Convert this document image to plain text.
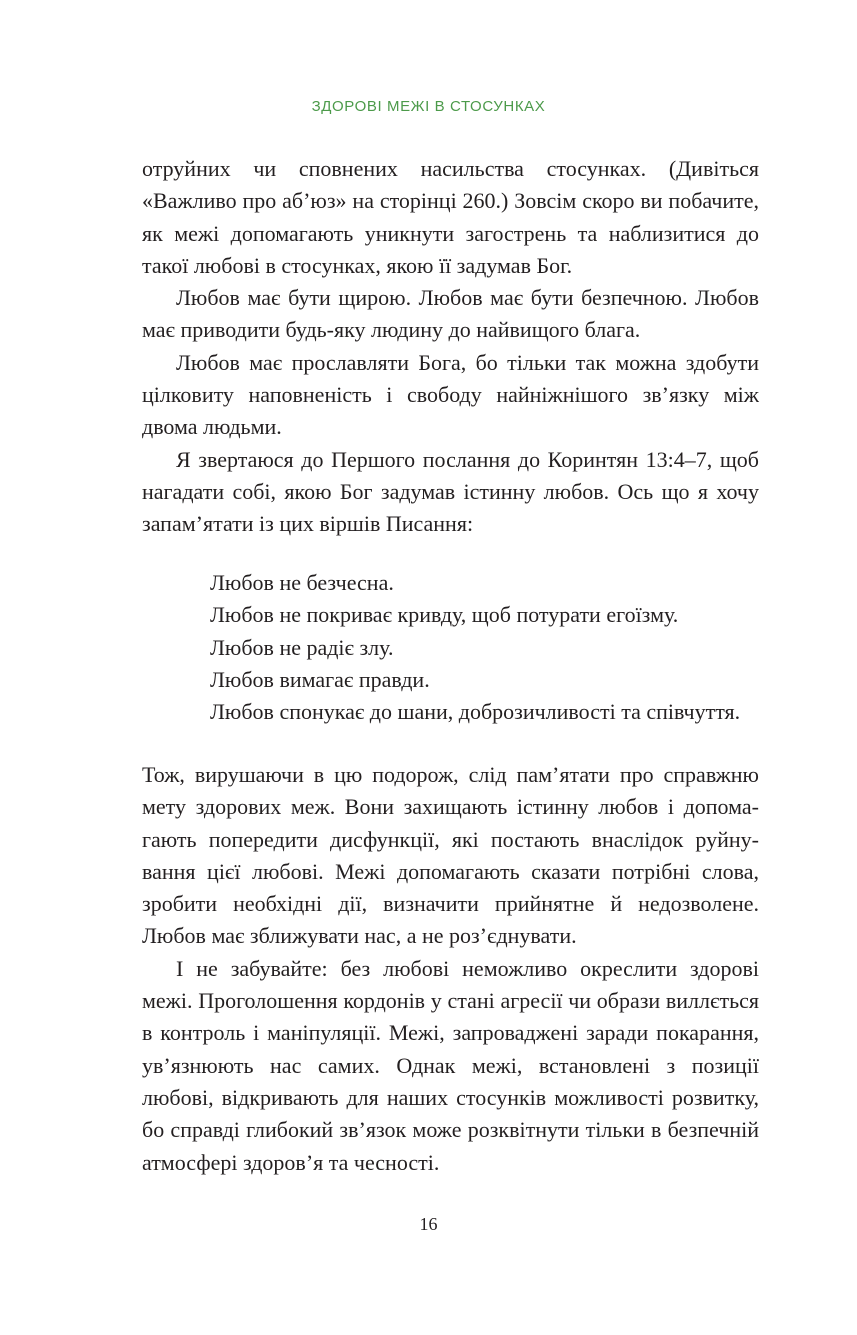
ЗДОРОВІ МЕЖІ В СТОСУНКАХ

отруйних чи сповнених насильства стосунках. (Дивіться «Важливо про аб’юз» на сторінці 260.) Зовсім скоро ви побачите, як межі допомагають уникнути загострень та наблизитися до такої любові в стосунках, якою її задумав Бог.

Любов має бути щирою. Любов має бути безпечною. Любов має приводити будь-яку людину до найвищого блага.

Любов має прославляти Бога, бо тільки так можна здобути цілковиту наповненість і свободу найніжнішого зв’язку між двома людьми.

Я звертаюся до Першого послання до Коринтян 13:4–7, щоб нагадати собі, якою Бог задумав істинну любов. Ось що я хочу запам’ятати із цих віршів Писання:

Любов не безчесна.

Любов не покриває кривду, щоб потурати егоїзму.

Любов не радіє злу.

Любов вимагає правди.

Любов спонукає до шани, доброзичливості та співчуття.

Тож, вирушаючи в цю подорож, слід пам’ятати про справжню мету здорових меж. Вони захищають істинну любов і допомагають попередити дисфункції, які постають внаслідок руйнування цієї любові. Межі допомагають сказати потрібні слова, зробити необхідні дії, визначити прийнятне й недозволене. Любов має зближувати нас, а не роз’єднувати.

І не забувайте: без любові неможливо окреслити здорові межі. Проголошення кордонів у стані агресії чи образи виллється в контроль і маніпуляції. Межі, запроваджені заради покарання, ув’язнюють нас самих. Однак межі, встановлені з позиції любові, відкривають для наших стосунків можливості розвитку, бо справді глибокий зв’язок може розквітнути тільки в безпечній атмосфері здоров’я та чесності.

16
